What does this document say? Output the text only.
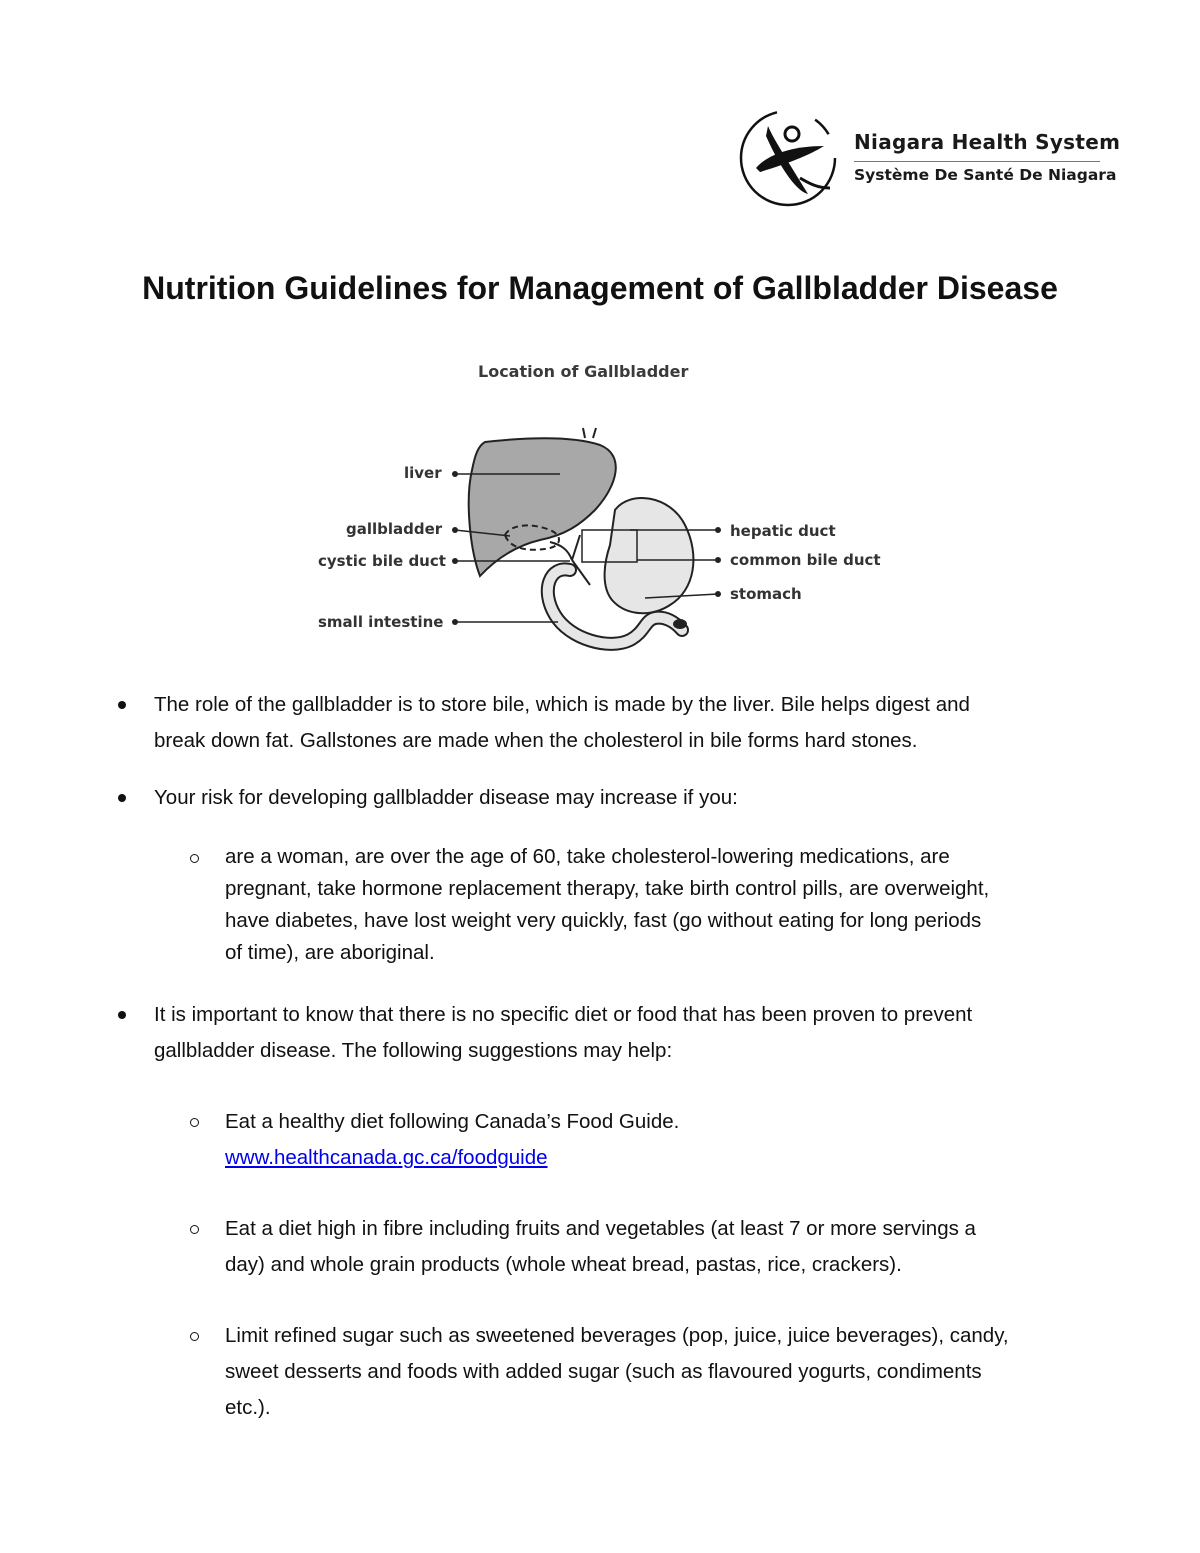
Niagara Health System
Système De Santé De Niagara
Nutrition Guidelines for Management of Gallbladder Disease
Location of Gallbladder
liver
gallbladder
cystic bile duct
small intestine
hepatic duct
common bile duct
stomach
The role of the gallbladder is to store bile, which is made by the liver. Bile helps digest and
break down fat. Gallstones are made when the cholesterol in bile forms hard stones.
Your risk for developing gallbladder disease may increase if you:
are a woman, are over the age of 60, take cholesterol-lowering medications, are
pregnant, take hormone replacement therapy, take birth control pills, are overweight,
have diabetes, have lost weight very quickly, fast (go without eating for long periods
of time), are aboriginal.
It is important to know that there is no specific diet or food that has been proven to prevent
gallbladder disease. The following suggestions may help:
Eat a healthy diet following Canada’s Food Guide.
www.healthcanada.gc.ca/foodguide
Eat a diet high in fibre including fruits and vegetables (at least 7 or more servings a
day) and whole grain products (whole wheat bread, pastas, rice, crackers).
Limit refined sugar such as sweetened beverages (pop, juice, juice beverages), candy,
sweet desserts and foods with added sugar (such as flavoured yogurts, condiments
etc.).
